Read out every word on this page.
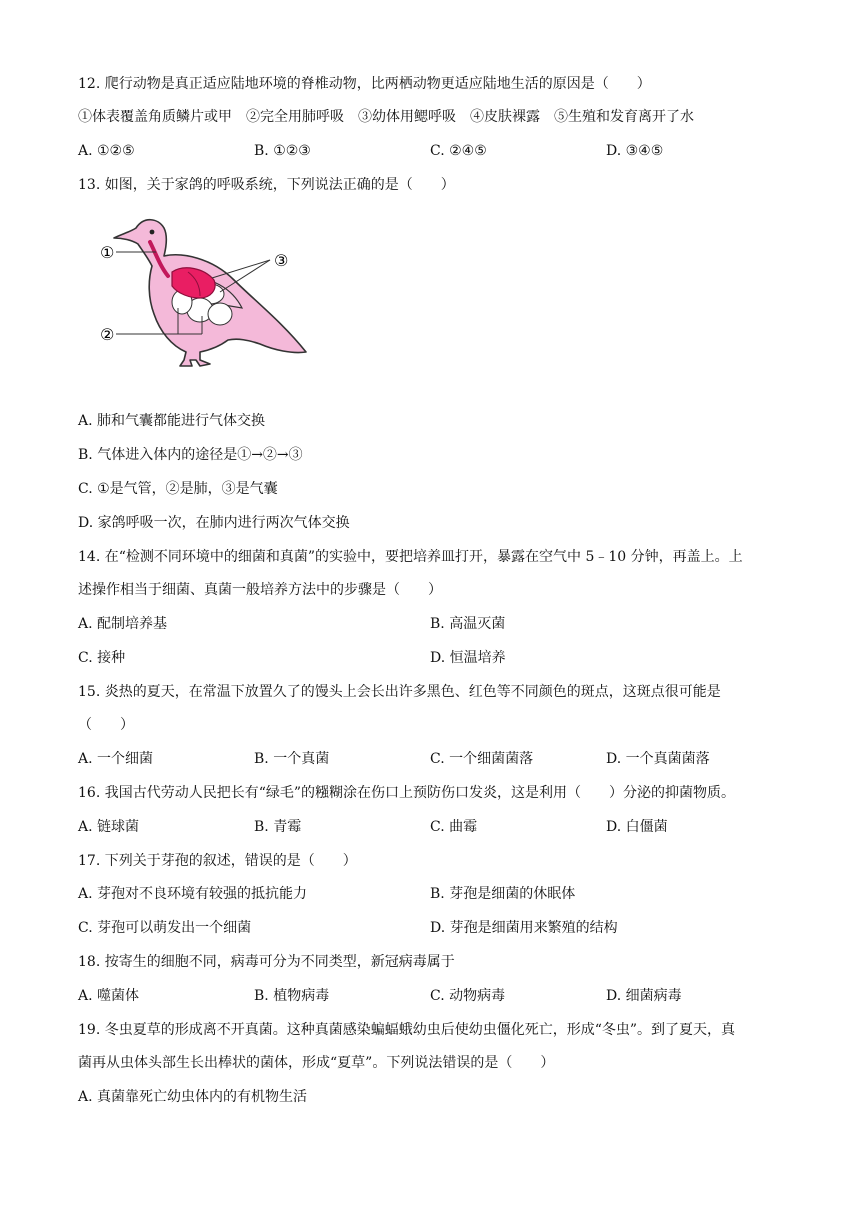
12. 爬行动物是真正适应陆地环境的脊椎动物，比两栖动物更适应陆地生活的原因是（　　）
①体表覆盖角质鳞片或甲　②完全用肺呼吸　③幼体用鳃呼吸　④皮肤裸露　⑤生殖和发育离开了水
A. ①②⑤	B. ①②③	C. ②④⑤	D. ③④⑤
13. 如图，关于家鸽的呼吸系统，下列说法正确的是（　　）
①
②
③
A. 肺和气囊都能进行气体交换
B. 气体进入体内的途径是①→②→③
C. ①是气管，②是肺，③是气囊
D. 家鸽呼吸一次，在肺内进行两次气体交换
14. 在“检测不同环境中的细菌和真菌”的实验中，要把培养皿打开，暴露在空气中 5﹣10 分钟，再盖上。上
述操作相当于细菌、真菌一般培养方法中的步骤是（　　）
A. 配制培养基	B. 高温灭菌
C. 接种	D. 恒温培养
15. 炎热的夏天，在常温下放置久了的馒头上会长出许多黑色、红色等不同颜色的斑点，这斑点很可能是
（　　）
A. 一个细菌	B. 一个真菌	C. 一个细菌菌落	D. 一个真菌菌落
16. 我国古代劳动人民把长有“绿毛”的糨糊涂在伤口上预防伤口发炎，这是利用（　　）分泌的抑菌物质。
A. 链球菌	B. 青霉	C. 曲霉	D. 白僵菌
17. 下列关于芽孢的叙述，错误的是（　　）
A. 芽孢对不良环境有较强的抵抗能力	B. 芽孢是细菌的休眠体
C. 芽孢可以萌发出一个细菌	D. 芽孢是细菌用来繁殖的结构
18. 按寄生的细胞不同，病毒可分为不同类型，新冠病毒属于
A. 噬菌体	B. 植物病毒	C. 动物病毒	D. 细菌病毒
19. 冬虫夏草的形成离不开真菌。这种真菌感染蝙蝠蛾幼虫后使幼虫僵化死亡，形成“冬虫”。到了夏天，真
菌再从虫体头部生长出棒状的菌体，形成“夏草”。下列说法错误的是（　　）
A. 真菌靠死亡幼虫体内的有机物生活
